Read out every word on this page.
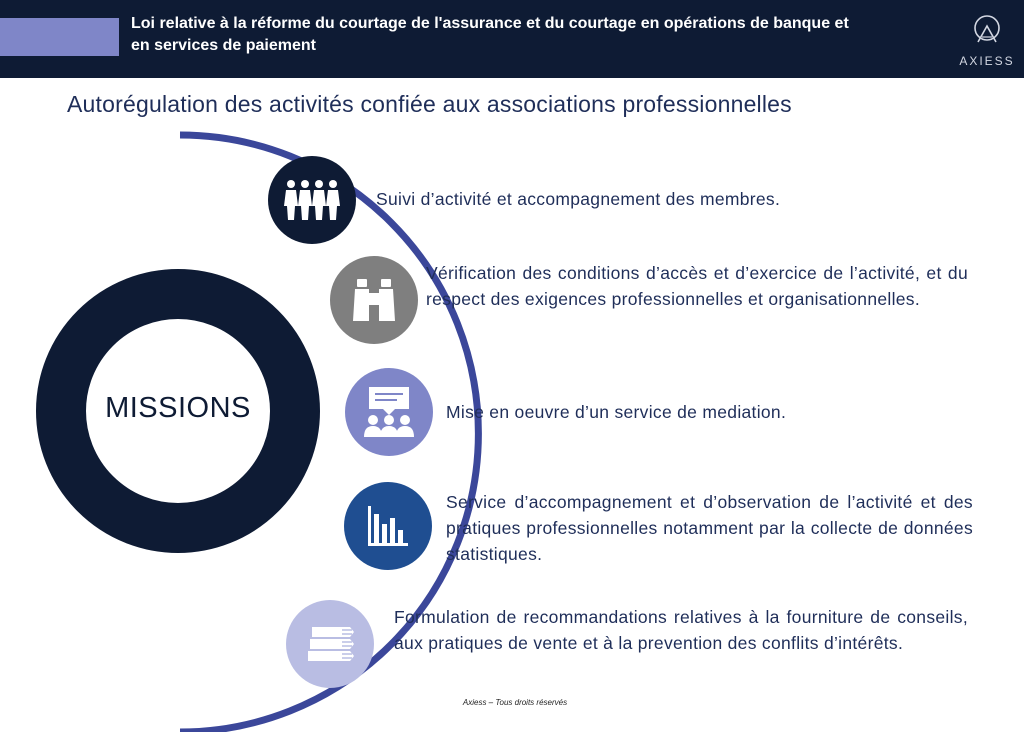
Loi relative à la réforme du courtage de l'assurance et du courtage en opérations de banque et en services de paiement
AXIESS
Autorégulation des activités confiée aux associations professionnelles
MISSIONS

Suivi d’activité et accompagnement des membres.

Vérification des conditions d’accès et d’exercice de l’activité, et du respect des exigences professionnelles et organisationnelles.

Mise en oeuvre d’un service de mediation.

Service d’accompagnement et d’observation de l’activité et des pratiques professionnelles notamment par la collecte de données statistiques.

Formulation de recommandations relatives à la fourniture de conseils, aux pratiques de vente et à la prevention des conflits d’intérêts.

Axiess – Tous droits réservés
